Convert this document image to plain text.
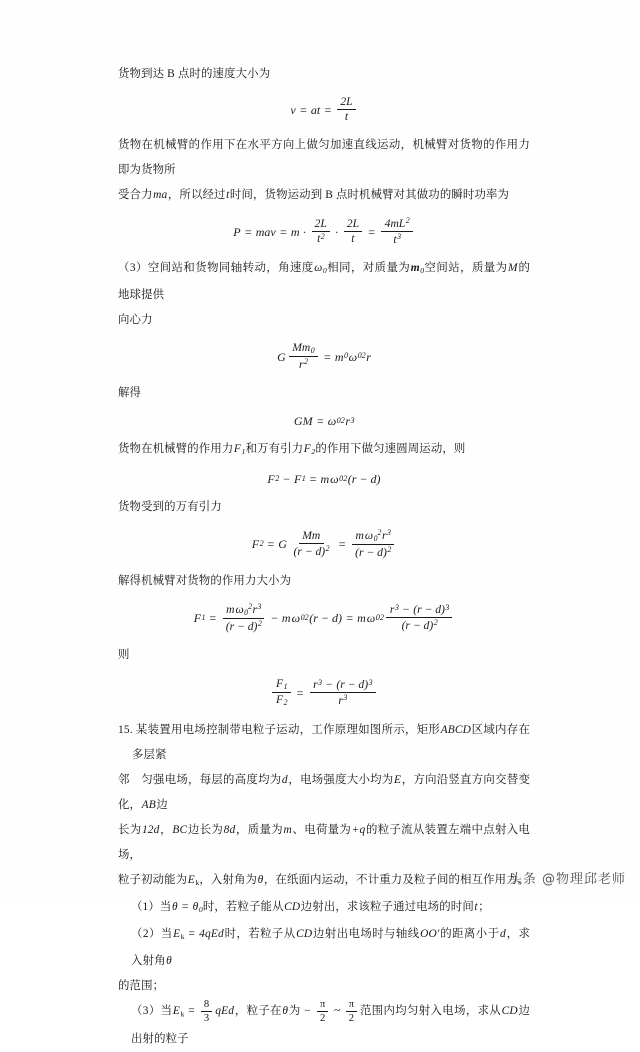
货物到达 B 点时的速度大小为

v = at = $\frac{2L}{t}$

货物在机械臂的作用下在水平方向上做匀加速直线运动，机械臂对货物的作用力即为货物所

受合力ma，所以经过t时间，货物运动到 B 点时机械臂对其做功的瞬时功率为

P = mav = $m \cdot \frac{2L}{t^2} \cdot \frac{2L}{t} = \frac{4mL^2}{t^3}$

（3）空间站和货物同轴转动，角速度$\omega_0$相同，对质量为$m_0$空间站，质量为M的地球提供

向心力

G $\frac{Mm_0}{r^2} = m$ 0 ω 0 2 r

解得

GM = ω 0 2 r 3

货物在机械臂的作用力$F_1$和万有引力$F_2$的作用下做匀速圆周运动，则

F 2 − F 1 = m ω 0 2 (r − d)

货物受到的万有引力

F 2 = G $\frac{Mm}{(r - d)^2} = \frac{m\omega_0^2r^3}{(r - d)^2}$

解得机械臂对货物的作用力大小为

F $1 = \frac{m\omega_0^2r^3}{(r - d)^2} - m$ ω 0 2 (r − d) = m ω 0 $2 \frac{r^3 - (r - d)^3}{(r - d)^2}$

则

$\frac{F_1}{F_2} = \frac{r^3 - (r - d)^3}{r^3}$

15. 某装置用电场控制带电粒子运动，工作原理如图所示，矩形ABCD区域内存在多层紧

邻　匀强电场，每层的高度均为d，电场强度大小均为E，方向沿竖直方向交替变化，AB边

长为12d，BC边长为8d，质量为m、电荷量为+q的粒子流从装置左端中点射入电场，

粒子初动能为$E_k$，入射角为θ，在纸面内运动，不计重力及粒子间的相互作用力。

（1）当$\theta = \theta_0$时，若粒子能从CD边射出，求该粒子通过电场的时间t；

（2）当$E_k = 4qEd$时，若粒子从CD边射出电场时与轴线OO′的距离小于d，求入射角θ

的范围；

（3）当$E_k = \frac{8}{3}$ qEd，粒子在θ为 − $\frac{\pi}{2}$ ~ $\frac{\pi}{2}$ 范围内均匀射入电场，求从CD边出射的粒子

头条 @物理邱老师
